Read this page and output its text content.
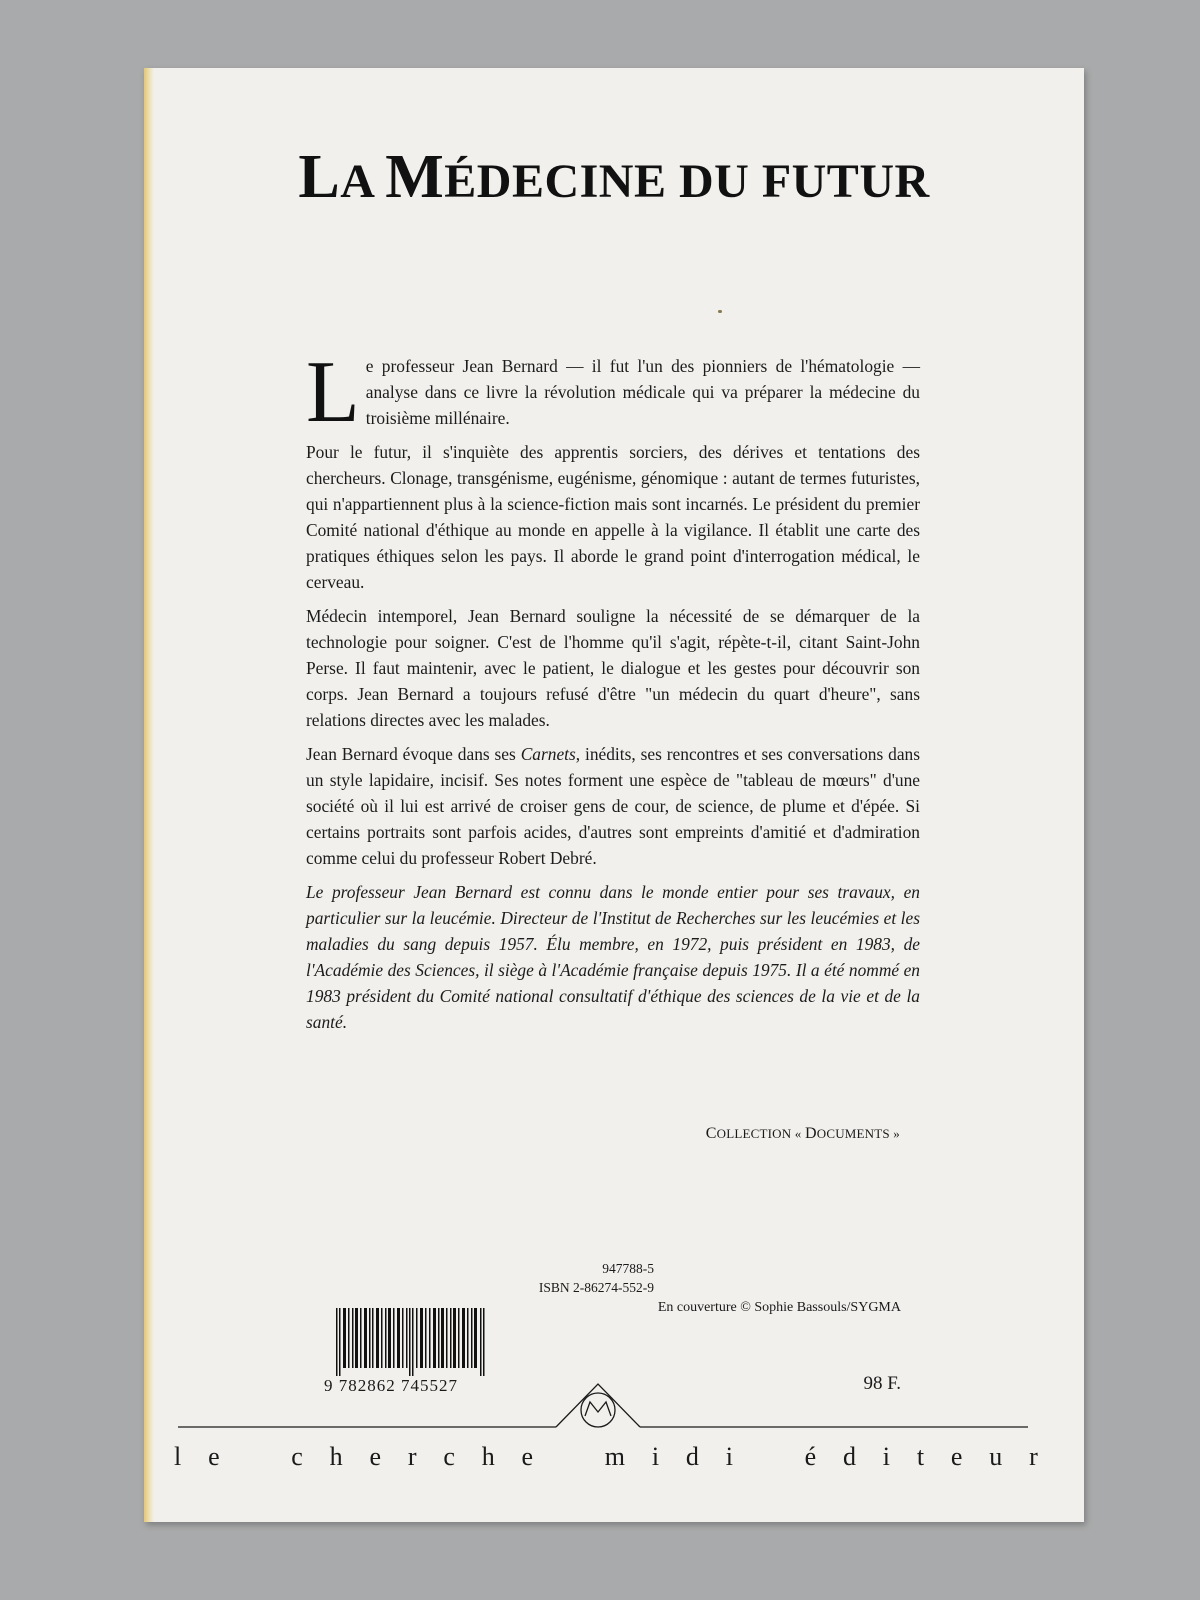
LA MÉDECINE DU FUTUR

Le professeur Jean Bernard — il fut l'un des pionniers de l'hématologie — analyse dans ce livre la révolution médicale qui va préparer la médecine du troisième millénaire.

Pour le futur, il s'inquiète des apprentis sorciers, des dérives et tentations des chercheurs. Clonage, transgénisme, eugénisme, génomique : autant de termes futuristes, qui n'appartiennent plus à la science-fiction mais sont incarnés. Le président du premier Comité national d'éthique au monde en appelle à la vigilance. Il établit une carte des pratiques éthiques selon les pays. Il aborde le grand point d'interrogation médical, le cerveau.

Médecin intemporel, Jean Bernard souligne la nécessité de se démarquer de la technologie pour soigner. C'est de l'homme qu'il s'agit, répète-t-il, citant Saint-John Perse. Il faut maintenir, avec le patient, le dialogue et les gestes pour découvrir son corps. Jean Bernard a toujours refusé d'être "un médecin du quart d'heure", sans relations directes avec les malades.

Jean Bernard évoque dans ses Carnets, inédits, ses rencontres et ses conversations dans un style lapidaire, incisif. Ses notes forment une espèce de "tableau de mœurs" d'une société où il lui est arrivé de croiser gens de cour, de science, de plume et d'épée. Si certains portraits sont parfois acides, d'autres sont empreints d'amitié et d'admiration comme celui du professeur Robert Debré.

Le professeur Jean Bernard est connu dans le monde entier pour ses travaux, en particulier sur la leucémie. Directeur de l'Institut de Recherches sur les leucémies et les maladies du sang depuis 1957. Élu membre, en 1972, puis président en 1983, de l'Académie des Sciences, il siège à l'Académie française depuis 1975. Il a été nommé en 1983 président du Comité national consultatif d'éthique des sciences de la vie et de la santé.

COLLECTION « DOCUMENTS »
947788-5
ISBN 2-86274-552-9
9 782862 745527
En couverture © Sophie Bassouls/SYGMA
98 F.
l e	c h e r c h e	m i d i	é d i t e u r
